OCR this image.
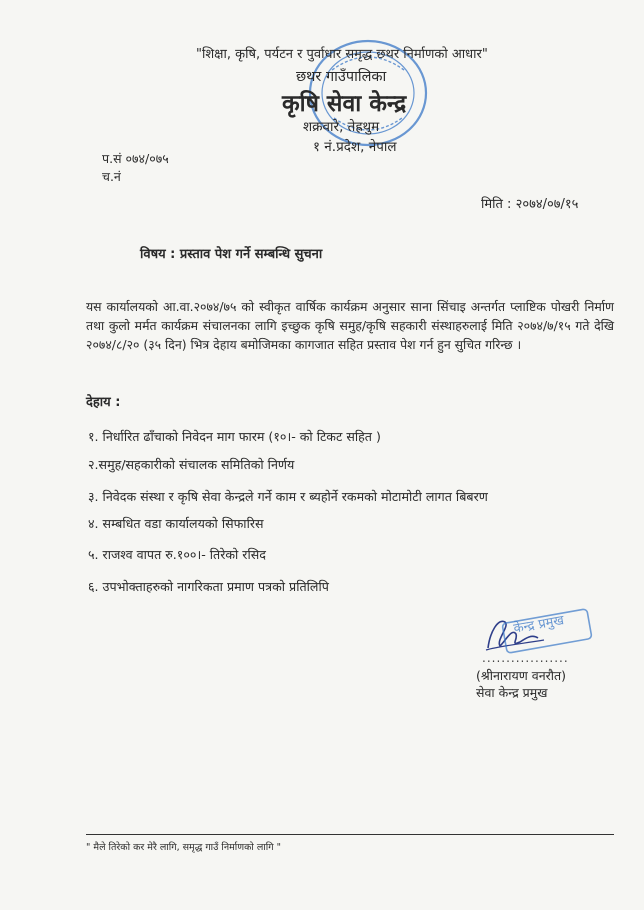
केन्द्र प्रमुख
"शिक्षा, कृषि, पर्यटन र पुर्वाधार समृद्ध छथर निर्माणको आधार"
छथर गाउँपालिका
कृषि सेवा केन्द्र
शक्रवारे, तेह्रथुम
१ नं.प्रदेश, नेपाल
प.सं ०७४/०७५
च.नं
मिति : २०७४/०७/१५
विषय : प्रस्ताव पेश गर्ने सम्बन्धि सुचना
यस कार्यालयको आ.वा.२०७४/७५ को स्वीकृत वार्षिक कार्यक्रम अनुसार साना सिंचाइ अन्तर्गत प्लाष्टिक पोखरी निर्माण तथा कुलो मर्मत कार्यक्रम संचालनका लागि इच्छुक कृषि समुह/कृषि सहकारी संस्थाहरुलाई मिति २०७४/७/१५ गते देखि २०७४/८/२० (३५ दिन) भित्र देहाय बमोजिमका कागजात सहित प्रस्ताव पेश गर्न हुन सुचित गरिन्छ ।
देहाय :
१. निर्धारित ढाँचाको निवेदन माग फारम (१०।- को टिकट सहित )
२.समुह/सहकारीको संचालक समितिको निर्णय
३. निवेदक संस्था र कृषि सेवा केन्द्रले गर्ने काम र ब्यहोर्ने रकमको मोटामोटी लागत बिबरण
४. सम्बधित वडा कार्यालयको सिफारिस
५. राजश्व वापत रु.१००।- तिरेको रसिद
६. उपभोक्ताहरुको नागरिकता प्रमाण पत्रको प्रतिलिपि
..................
(श्रीनारायण वनरौत)
सेवा केन्द्र प्रमुख
" मैले तिरेको कर मेरै लागि, समृद्ध गाउँ निर्माणको लागि "
